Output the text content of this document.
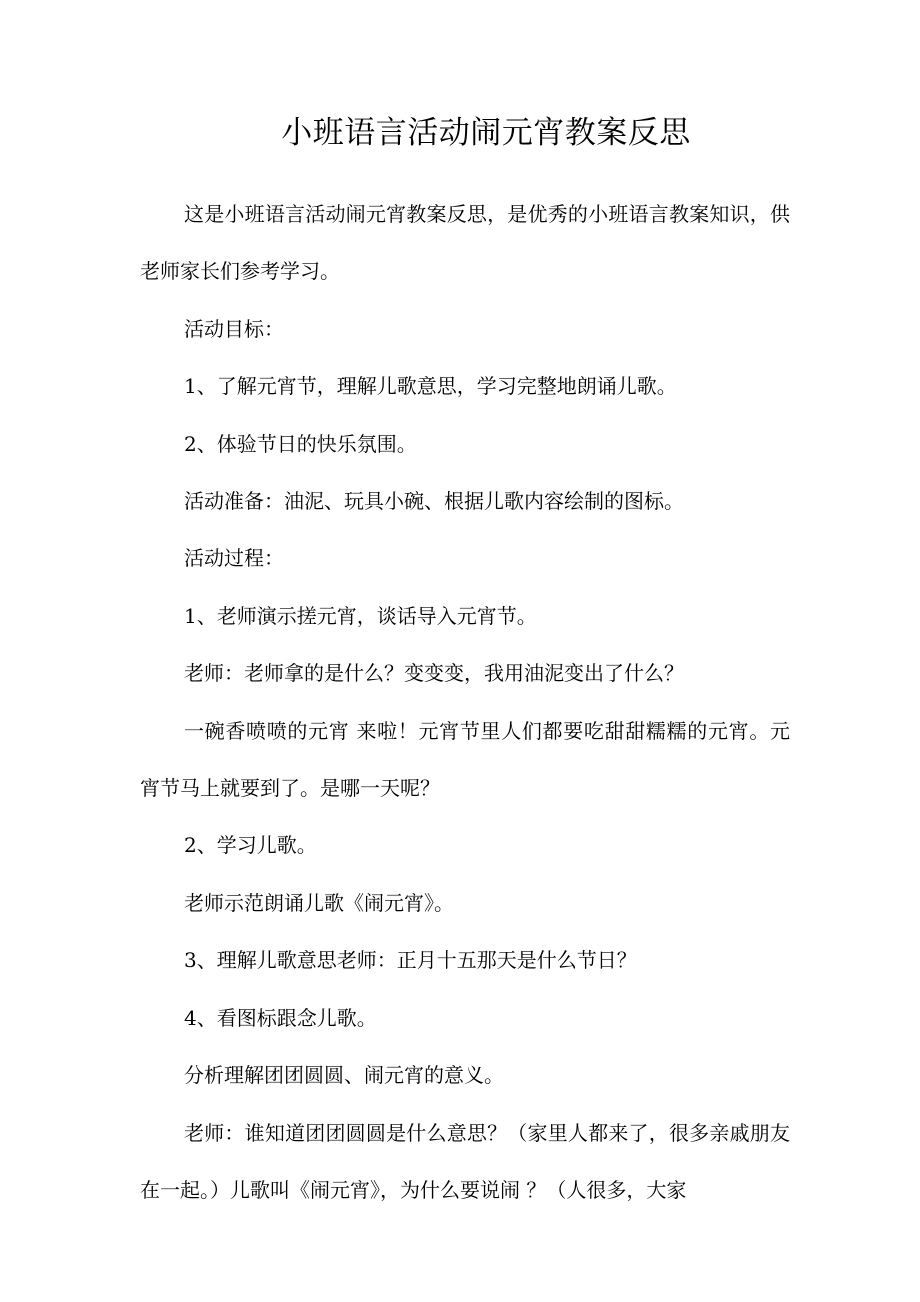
小班语言活动闹元宵教案反思

这是小班语言活动闹元宵教案反思，是优秀的小班语言教案知识，供老师家长们参考学习。

活动目标：

1、了解元宵节，理解儿歌意思，学习完整地朗诵儿歌。

2、体验节日的快乐氛围。

活动准备：油泥、玩具小碗、根据儿歌内容绘制的图标。

活动过程：

1、老师演示搓元宵，谈话导入元宵节。

老师：老师拿的是什么？变变变，我用油泥变出了什么？

一碗香喷喷的元宵 来啦！元宵节里人们都要吃甜甜糯糯的元宵。元宵节马上就要到了。是哪一天呢？

2、学习儿歌。

老师示范朗诵儿歌《闹元宵》。

3、理解儿歌意思老师：正月十五那天是什么节日？

4、看图标跟念儿歌。

分析理解团团圆圆、闹元宵的意义。

老师：谁知道团团圆圆是什么意思？（家里人都来了，很多亲戚朋友在一起。）儿歌叫《闹元宵》，为什么要说闹 ？（人很多，大家
